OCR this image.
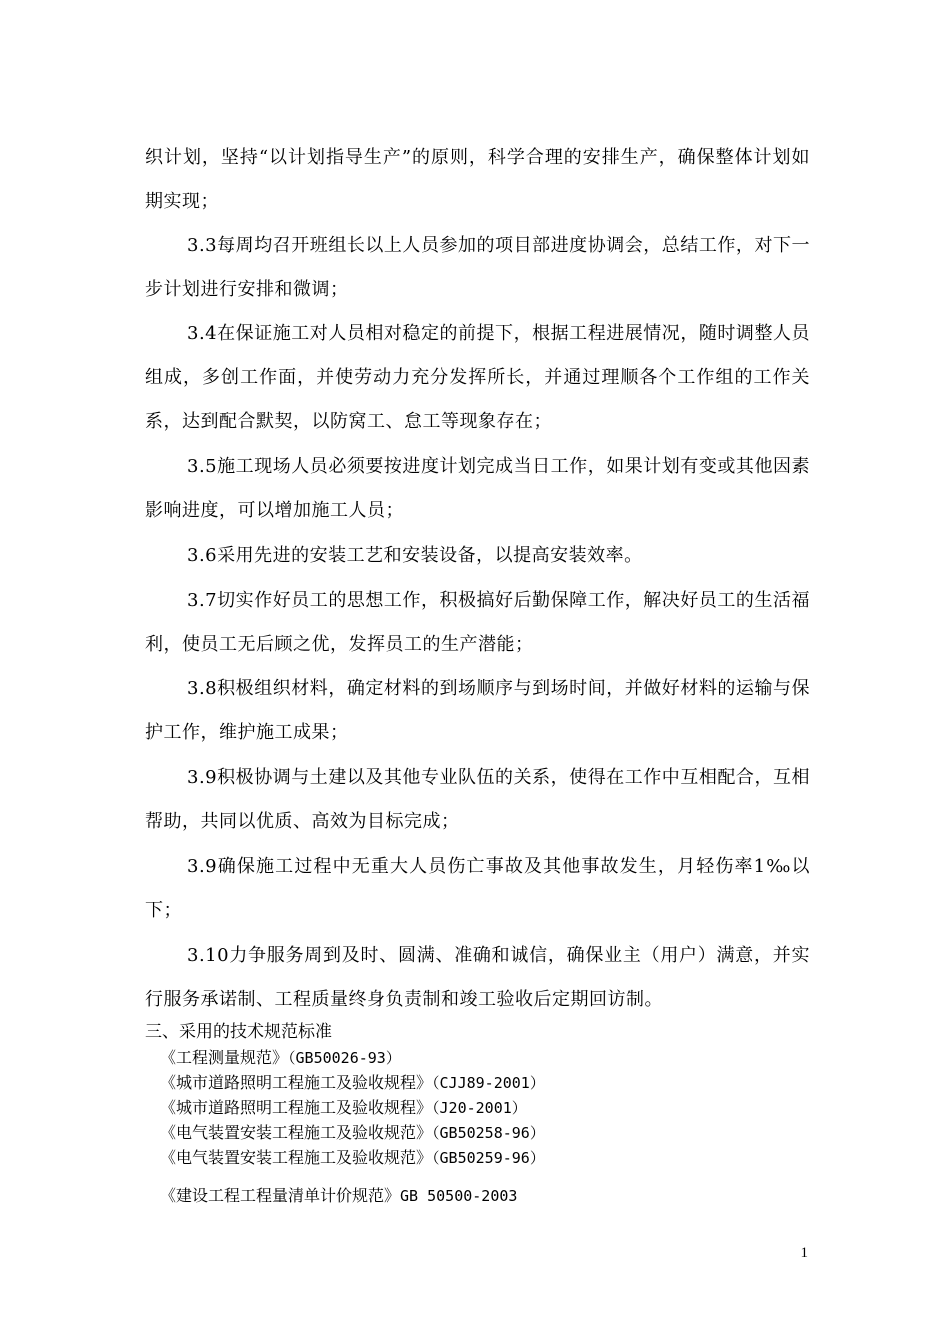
织计划，坚持“以计划指导生产”的原则，科学合理的安排生产，确保整体计划如期实现；

3.3每周均召开班组长以上人员参加的项目部进度协调会，总结工作，对下一步计划进行安排和微调；

3.4在保证施工对人员相对稳定的前提下，根据工程进展情况，随时调整人员组成，多创工作面，并使劳动力充分发挥所长，并通过理顺各个工作组的工作关系，达到配合默契，以防窝工、怠工等现象存在；

3.5施工现场人员必须要按进度计划完成当日工作，如果计划有变或其他因素影响进度，可以增加施工人员；

3.6采用先进的安装工艺和安装设备，以提高安装效率。

3.7切实作好员工的思想工作，积极搞好后勤保障工作，解决好员工的生活福利，使员工无后顾之优，发挥员工的生产潜能；

3.8积极组织材料，确定材料的到场顺序与到场时间，并做好材料的运输与保护工作，维护施工成果；

3.9积极协调与土建以及其他专业队伍的关系，使得在工作中互相配合，互相帮助，共同以优质、高效为目标完成；

3.9确保施工过程中无重大人员伤亡事故及其他事故发生，月轻伤率1‰以下；

3.10力争服务周到及时、圆满、准确和诚信，确保业主（用户）满意，并实行服务承诺制、工程质量终身负责制和竣工验收后定期回访制。

三、采用的技术规范标准

《工程测量规范》（GB50026-93）
《城市道路照明工程施工及验收规程》（CJJ89-2001）
《城市道路照明工程施工及验收规程》（J20-2001）
《电气装置安装工程施工及验收规范》（GB50258-96）
《电气装置安装工程施工及验收规范》（GB50259-96）
《建设工程工程量清单计价规范》GB 50500-2003
1
